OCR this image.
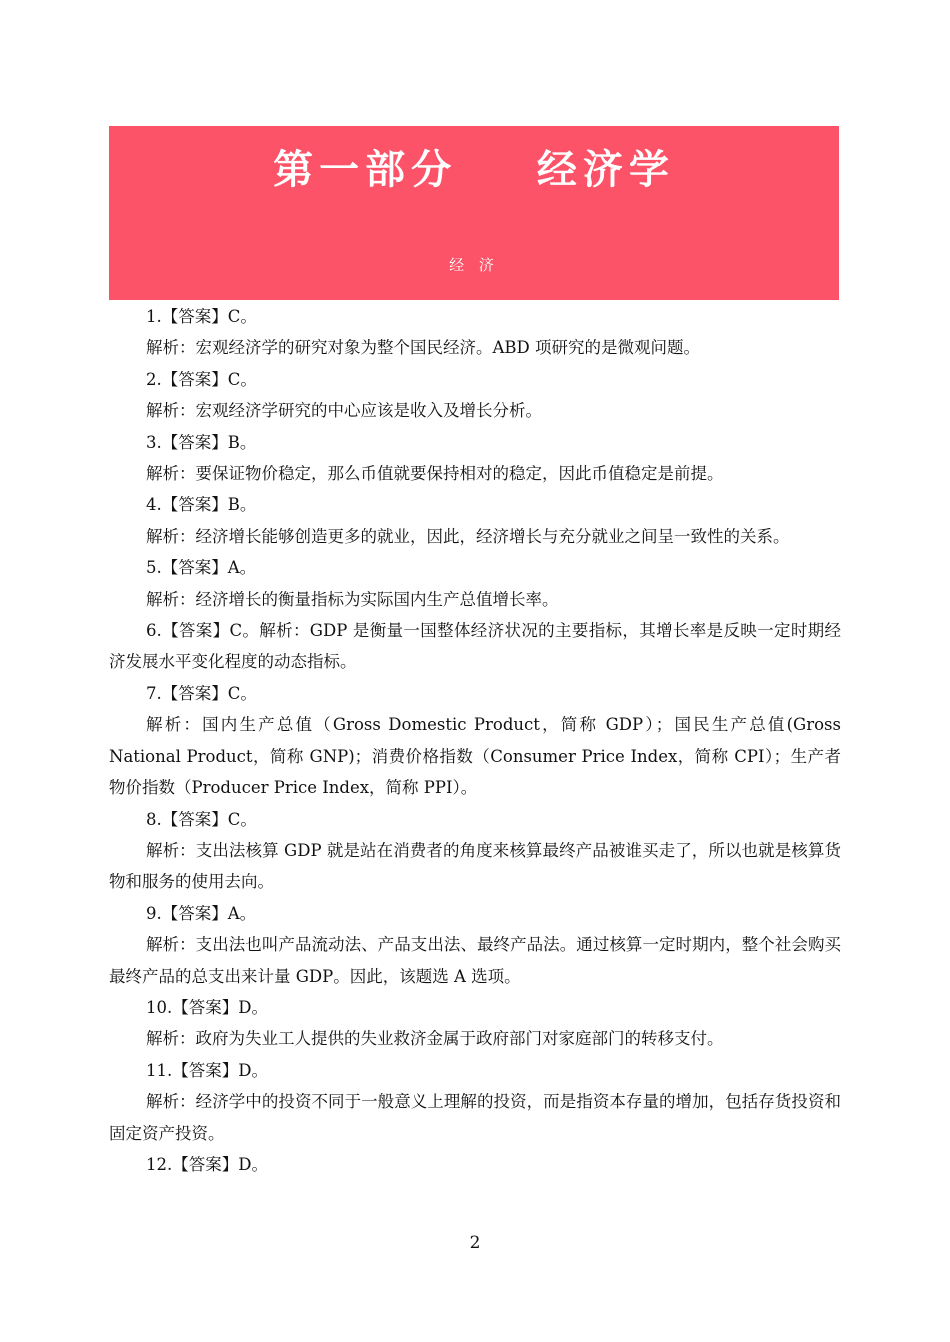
第一部分    经济学
经 济

1.【答案】C。

解析：宏观经济学的研究对象为整个国民经济。ABD 项研究的是微观问题。

2.【答案】C。

解析：宏观经济学研究的中心应该是收入及增长分析。

3.【答案】B。

解析：要保证物价稳定，那么币值就要保持相对的稳定，因此币值稳定是前提。

4.【答案】B。

解析：经济增长能够创造更多的就业，因此，经济增长与充分就业之间呈一致性的关系。

5.【答案】A。

解析：经济增长的衡量指标为实际国内生产总值增长率。

6.【答案】C。解析：GDP 是衡量一国整体经济状况的主要指标，其增长率是反映一定时期经济发展水平变化程度的动态指标。

7.【答案】C。

解析：国内生产总值（Gross Domestic Product，简称 GDP）；国民生产总值(Gross National Product，简称 GNP)；消费价格指数（Consumer Price Index，简称 CPI）；生产者物价指数（Producer Price Index，简称 PPI）。

8.【答案】C。

解析：支出法核算 GDP 就是站在消费者的角度来核算最终产品被谁买走了，所以也就是核算货物和服务的使用去向。

9.【答案】A。

解析：支出法也叫产品流动法、产品支出法、最终产品法。通过核算一定时期内，整个社会购买最终产品的总支出来计量 GDP。因此，该题选 A 选项。

10.【答案】D。

解析：政府为失业工人提供的失业救济金属于政府部门对家庭部门的转移支付。

11.【答案】D。

解析：经济学中的投资不同于一般意义上理解的投资，而是指资本存量的增加，包括存货投资和固定资产投资。

12.【答案】D。

2
